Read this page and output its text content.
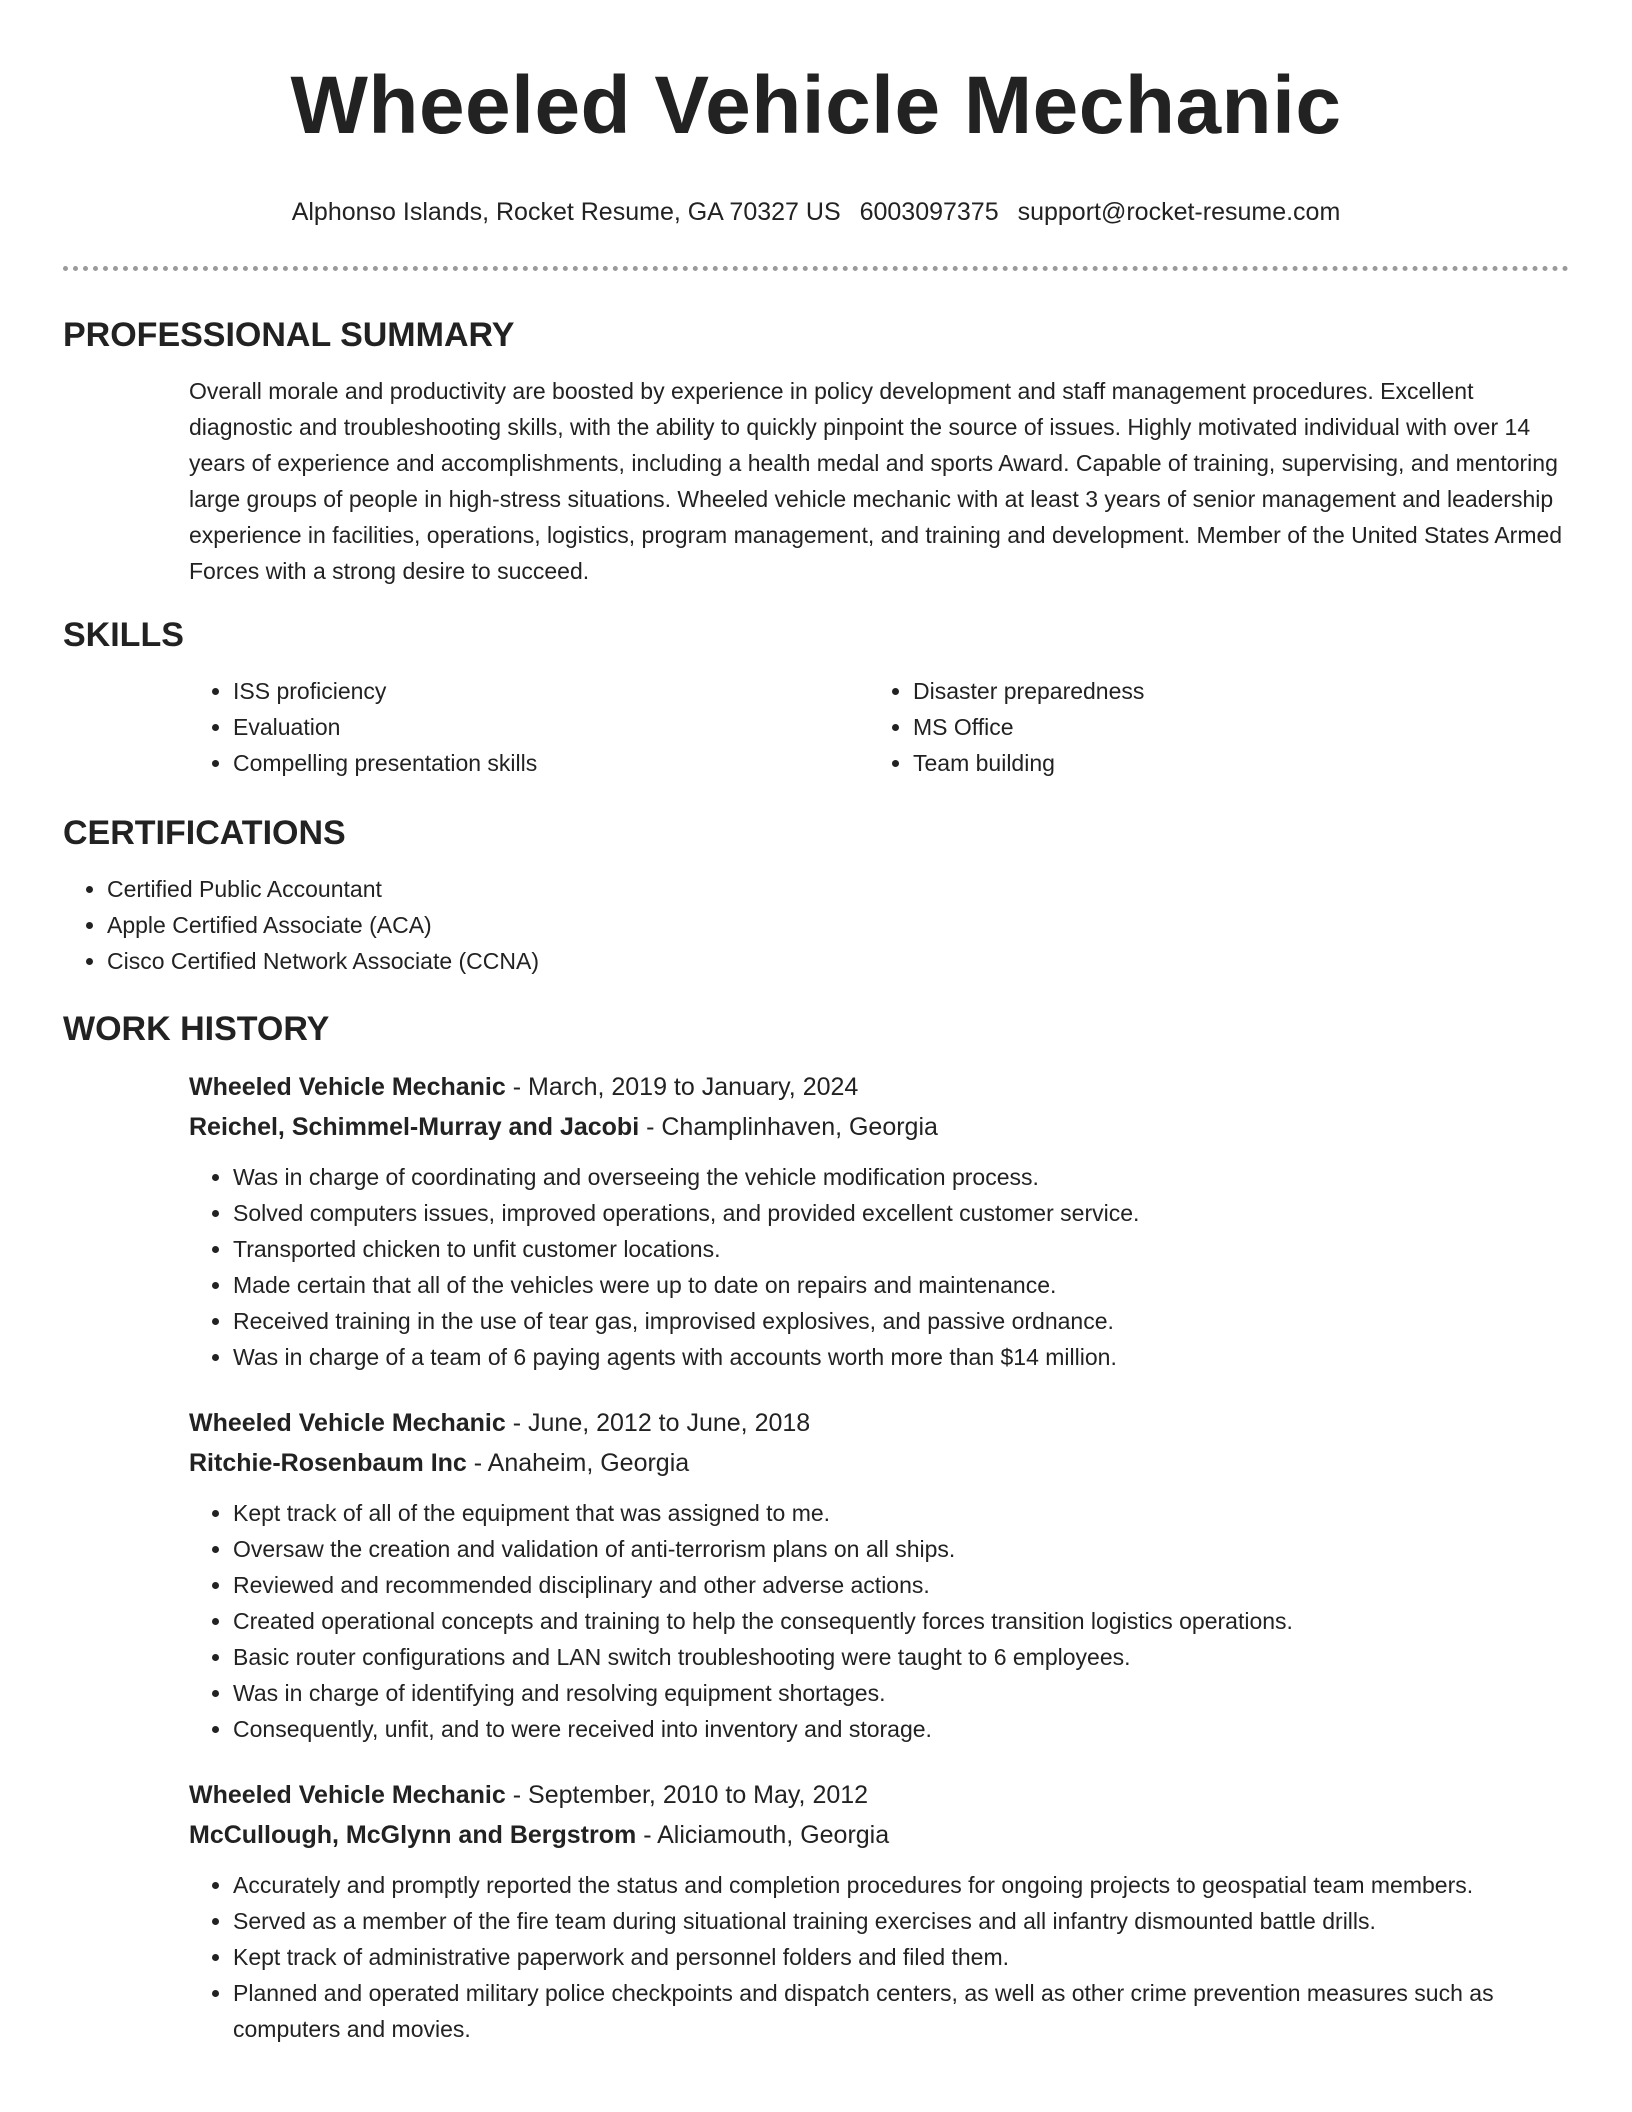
Wheeled Vehicle Mechanic
Alphonso Islands, Rocket Resume, GA 70327 US 6003097375 support@rocket-resume.com
PROFESSIONAL SUMMARY

Overall morale and productivity are boosted by experience in policy development and staff management procedures. Excellent diagnostic and troubleshooting skills, with the ability to quickly pinpoint the source of issues. Highly motivated individual with over 14 years of experience and accomplishments, including a health medal and sports Award. Capable of training, supervising, and mentoring large groups of people in high-stress situations. Wheeled vehicle mechanic with at least 3 years of senior management and leadership experience in facilities, operations, logistics, program management, and training and development. Member of the United States Armed Forces with a strong desire to succeed.

SKILLS
• ISS proficiency
• Evaluation
• Compelling presentation skills
• Disaster preparedness
• MS Office
• Team building
CERTIFICATIONS
• Certified Public Accountant
• Apple Certified Associate (ACA)
• Cisco Certified Network Associate (CCNA)
WORK HISTORY
Wheeled Vehicle Mechanic - March, 2019 to January, 2024
Reichel, Schimmel-Murray and Jacobi - Champlinhaven, Georgia
• Was in charge of coordinating and overseeing the vehicle modification process.
• Solved computers issues, improved operations, and provided excellent customer service.
• Transported chicken to unfit customer locations.
• Made certain that all of the vehicles were up to date on repairs and maintenance.
• Received training in the use of tear gas, improvised explosives, and passive ordnance.
• Was in charge of a team of 6 paying agents with accounts worth more than $14 million.
Wheeled Vehicle Mechanic - June, 2012 to June, 2018
Ritchie-Rosenbaum Inc - Anaheim, Georgia
• Kept track of all of the equipment that was assigned to me.
• Oversaw the creation and validation of anti-terrorism plans on all ships.
• Reviewed and recommended disciplinary and other adverse actions.
• Created operational concepts and training to help the consequently forces transition logistics operations.
• Basic router configurations and LAN switch troubleshooting were taught to 6 employees.
• Was in charge of identifying and resolving equipment shortages.
• Consequently, unfit, and to were received into inventory and storage.
Wheeled Vehicle Mechanic - September, 2010 to May, 2012
McCullough, McGlynn and Bergstrom - Aliciamouth, Georgia
• Accurately and promptly reported the status and completion procedures for ongoing projects to geospatial team members.
• Served as a member of the fire team during situational training exercises and all infantry dismounted battle drills.
• Kept track of administrative paperwork and personnel folders and filed them.
• Planned and operated military police checkpoints and dispatch centers, as well as other crime prevention measures such as computers and movies.
